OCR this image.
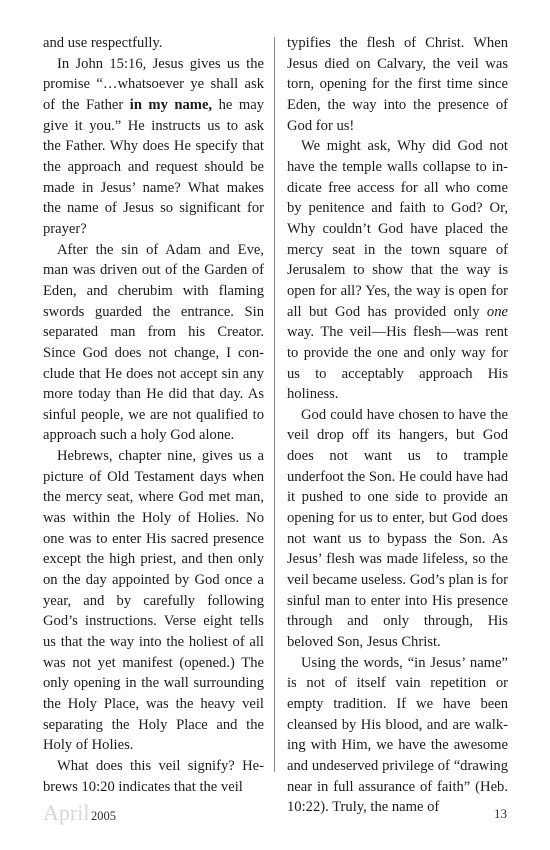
and use respectfully.

In John 15:16, Jesus gives us the promise “…whatsoever ye shall ask of the Father in my name, he may give it you.” He instructs us to ask the Father. Why does He specify that the approach and request should be made in Jesus’ name? What makes the name of Jesus so significant for prayer?

After the sin of Adam and Eve, man was driven out of the Garden of Eden, and cherubim with flaming swords guarded the entrance. Sin separated man from his Creator. Since God does not change, I conclude that He does not accept sin any more today than He did that day. As sinful people, we are not qualified to approach such a holy God alone.

Hebrews, chapter nine, gives us a picture of Old Testament days when the mercy seat, where God met man, was within the Holy of Holies. No one was to enter His sacred presence except the high priest, and then only on the day appointed by God once a year, and by carefully following God’s instructions. Verse eight tells us that the way into the holiest of all was not yet manifest (opened.) The only opening in the wall surrounding the Holy Place, was the heavy veil separating the Holy Place and the Holy of Holies.

What does this veil signify? Hebrews 10:20 indicates that the veil

typifies the flesh of Christ. When Jesus died on Calvary, the veil was torn, opening for the first time since Eden, the way into the presence of God for us!

We might ask, Why did God not have the temple walls collapse to indicate free access for all who come by penitence and faith to God? Or, Why couldn’t God have placed the mercy seat in the town square of Jerusalem to show that the way is open for all? Yes, the way is open for all but God has provided only one way. The veil—His flesh—was rent to provide the one and only way for us to acceptably approach His holiness.

God could have chosen to have the veil drop off its hangers, but God does not want us to trample underfoot the Son. He could have had it pushed to one side to provide an opening for us to enter, but God does not want us to bypass the Son. As Jesus’ flesh was made lifeless, so the veil became useless. God’s plan is for sinful man to enter into His presence through and only through, His beloved Son, Jesus Christ.

Using the words, “in Jesus’ name” is not of itself vain repetition or empty tradition. If we have been cleansed by His blood, and are walking with Him, we have the awesome and undeserved privilege of “drawing near in full assurance of faith” (Heb. 10:22). Truly, the name of

April 2005	13
